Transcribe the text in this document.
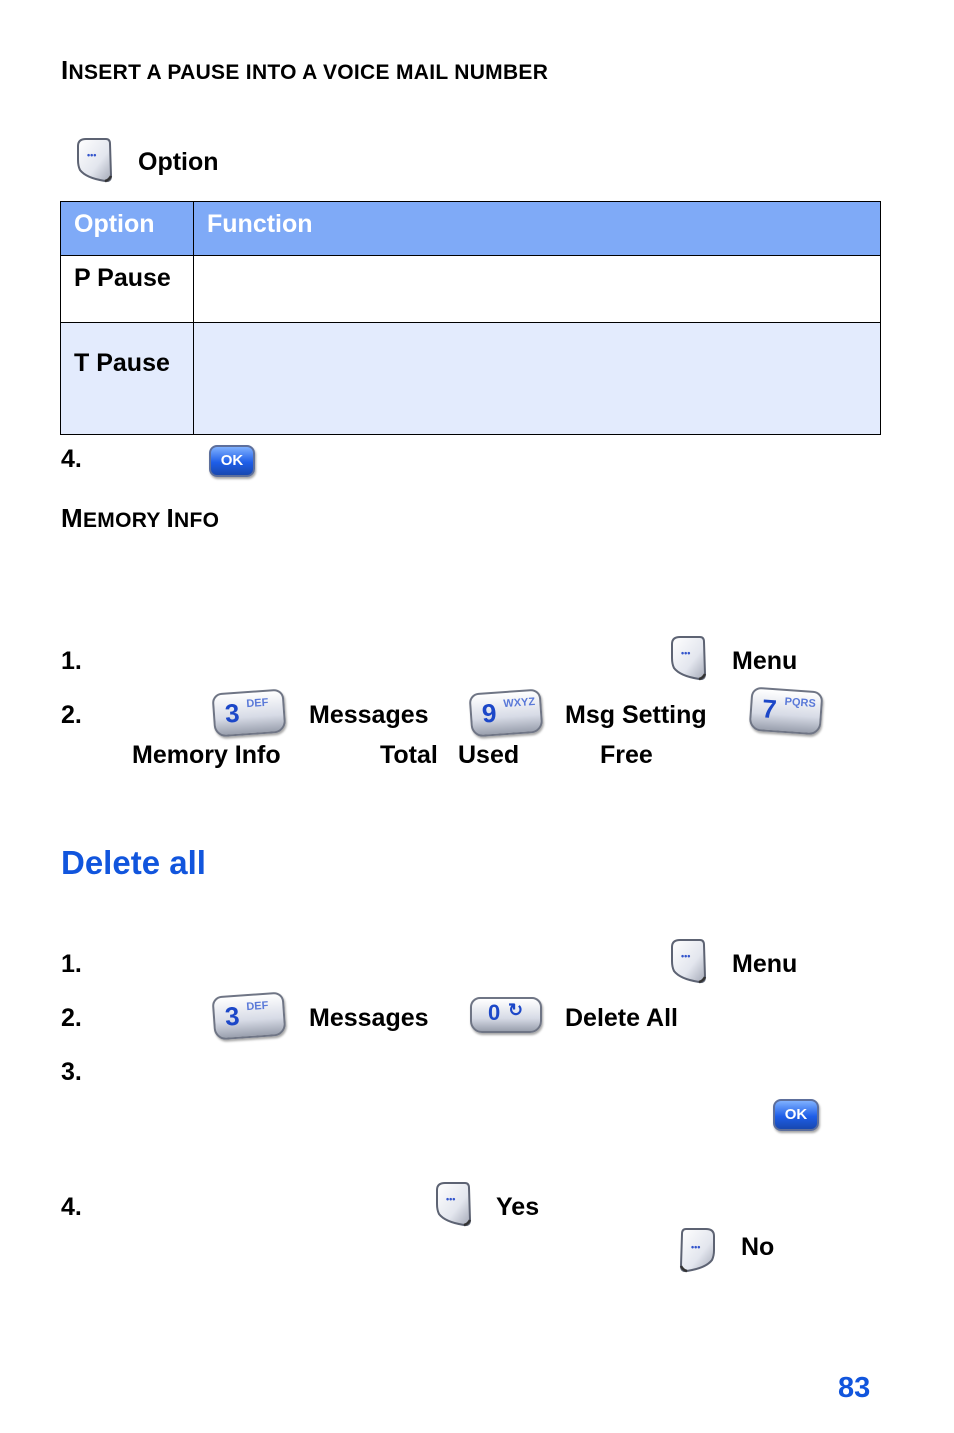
INSERT A PAUSE INTO A VOICE MAIL NUMBER
Option
Option	Function
P Pause	
T Pause	
4.	OK
MEMORY INFO
1.	Menu
2.	3 DEF Messages 9 WXYZ Msg Setting 7 PQRS
Memory Info	Total Used	Free
Delete all
1.	Menu
2.	3 DEF Messages	0 ↻ Delete All
3.
OK
4.	Yes
No
83
